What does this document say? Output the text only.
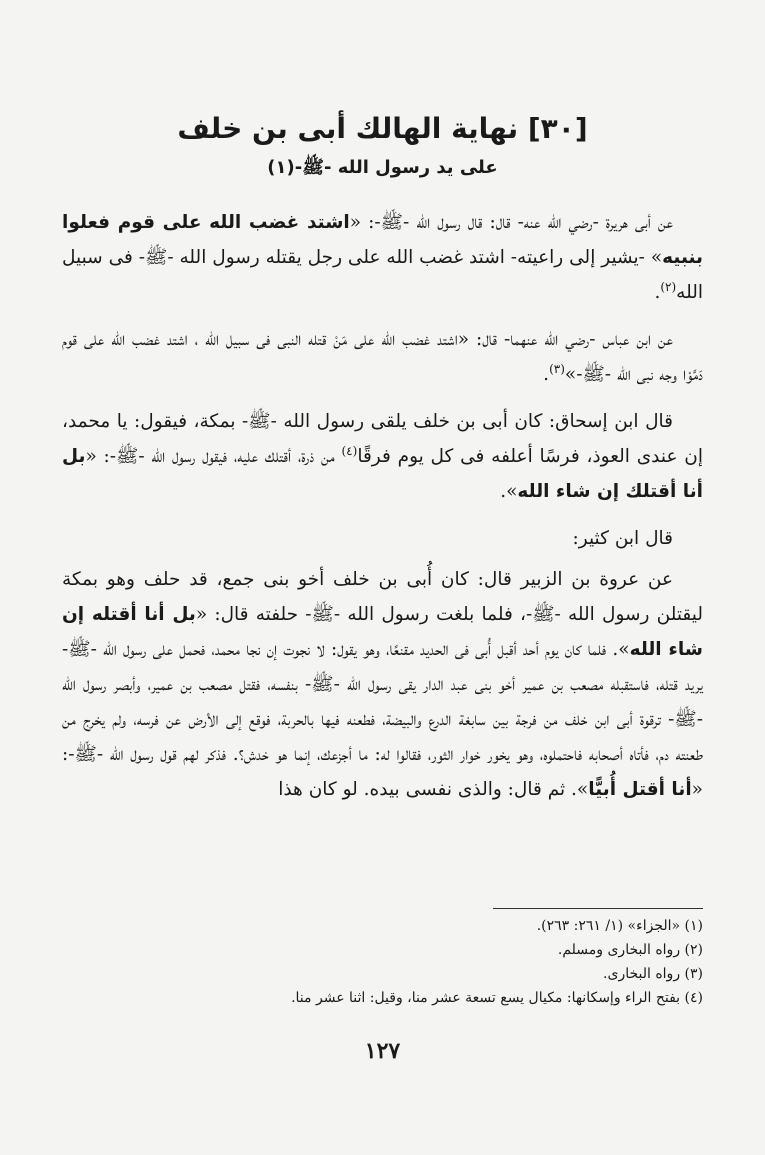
[٣٠] نهاية الهالك أبى بن خلف
على يد رسول الله -ﷺ-(١)

عن أبى هريرة -رضي الله عنه- قال: قال رسول الله -ﷺ-: «اشتد غضب الله على قوم فعلوا بنبيه» -يشير إلى راعيته- اشتد غضب الله على رجل يقتله رسول الله -ﷺ- فى سبيل الله$^{(٢)}$.

عن ابن عباس -رضي الله عنهما- قال: «اشتد غضب الله على مَنْ قتله النبى فى سبيل الله ، اشتد غضب الله على قوم دَمَّوْا وجه نبى الله -ﷺ-»$^{(٣)}$.

قال ابن إسحاق: كان أبى بن خلف يلقى رسول الله -ﷺ- بمكة، فيقول: يا محمد، إن عندى العوذ، فرسًا أعلفه فى كل يوم فرقًا$^{(٤)}$ من ذرة، أقتلك عليه، فيقول رسول الله -ﷺ-: «بل أنا أقتلك إن شاء الله».

قال ابن كثير:

عن عروة بن الزبير قال: كان أُبى بن خلف أخو بنى جمع، قد حلف وهو بمكة ليقتلن رسول الله -ﷺ-، فلما بلغت رسول الله -ﷺ- حلفته قال: «بل أنا أقتله إن شاء الله». فلما كان يوم أحد أقبل أُبى فى الحديد مقنعًا، وهو يقول: لا نجوت إن نجا محمد، فحمل على رسول الله -ﷺ- يريد قتله، فاستقبله مصعب بن عمير أخو بنى عبد الدار يقى رسول الله -ﷺ- بنفسه، فقتل مصعب بن عمير، وأبصر رسول الله -ﷺ- ترقوة أبى ابن خلف من فرجة بين سابغة الدرع والبيضة، فطعنه فيها بالحربة، فوقع إلى الأرض عن فرسه، ولم يخرج من طعنته دم، فأتاه أصحابه فاحتملوه، وهو يخور خوار الثور، فقالوا له: ما أجزعك، إنما هو خدش؟. فذكر لهم قول رسول الله -ﷺ-: «أنا أقتل أُبيًّا». ثم قال: والذى نفسى بيده. لو كان هذا

(١) «الجزاء» (١/ ٢٦١: ٢٦٣).
(٢) رواه البخارى ومسلم.
(٣) رواه البخارى.
(٤) بفتح الراء وإسكانها: مكيال يسع تسعة عشر منا، وقيل: اثنا عشر منا.
١٢٧
